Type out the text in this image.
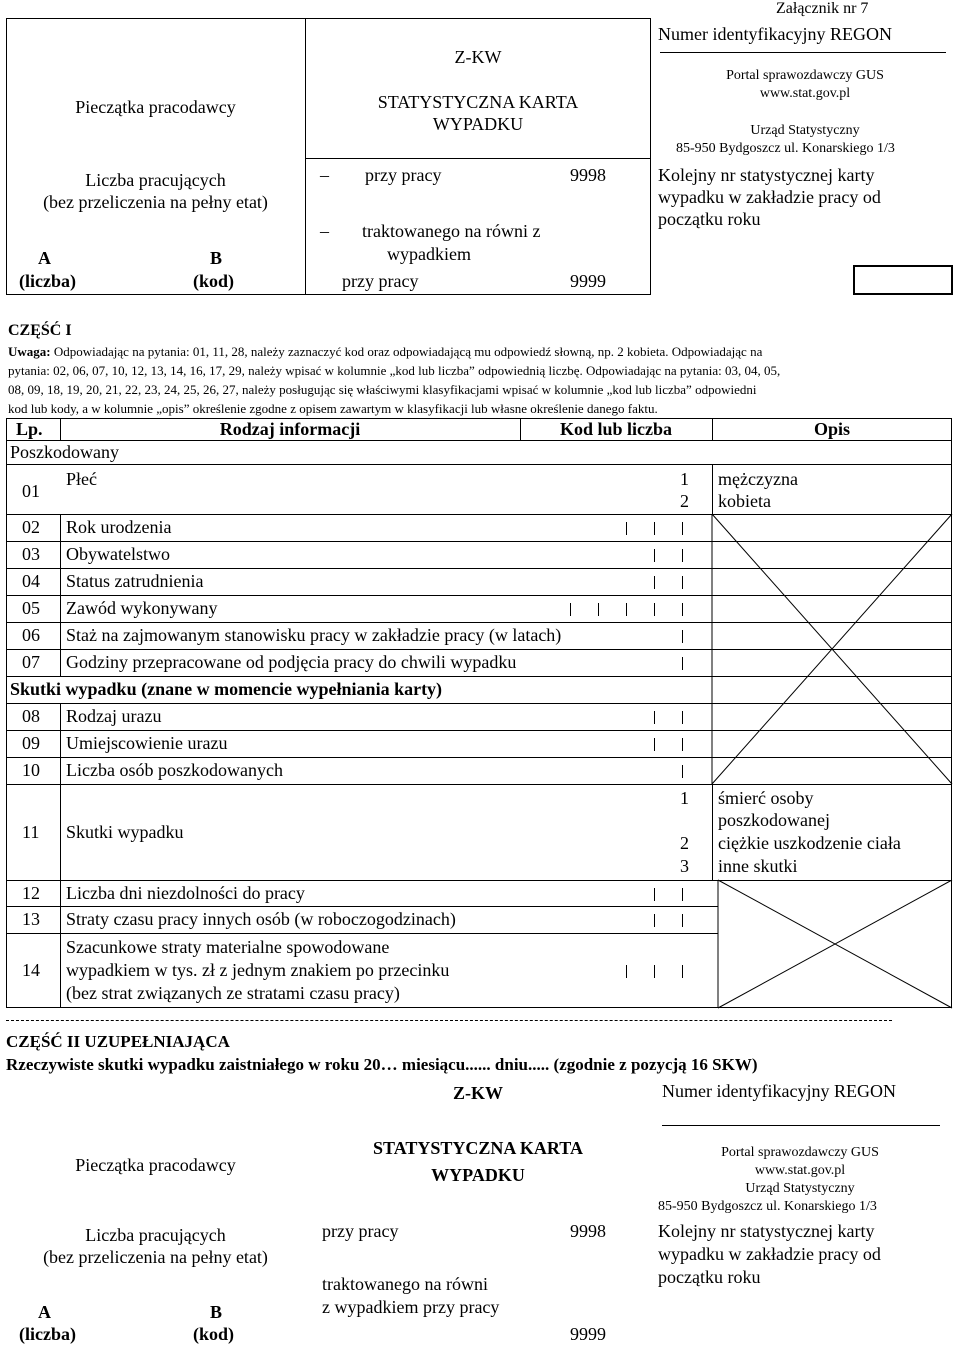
Załącznik nr 7
Numer identyfikacyjny REGON
Pieczątka pracodawcy
Z-KW
STATYSTYCZNA KARTA
WYPADKU
Portal sprawozdawczy GUS
www.stat.gov.pl
Urząd Statystyczny
85-950 Bydgoszcz ul. Konarskiego 1/3
Liczba pracujących
(bez przeliczenia na pełny etat)
– przy pracy	9998
– traktowanego na równi z
wypadkiem
przy pracy	9999
Kolejny nr statystycznej karty
wypadku w zakładzie pracy od
początku roku
A
(liczba)
B
(kod)
CZĘŚĆ I
Uwaga: Odpowiadając na pytania: 01, 11, 28, należy zaznaczyć kod oraz odpowiadającą mu odpowiedź słowną, np. 2 kobieta. Odpowiadając na
pytania: 02, 06, 07, 10, 12, 13, 14, 16, 17, 29, należy wpisać w kolumnie „kod lub liczba” odpowiednią liczbę. Odpowiadając na pytania: 03, 04, 05,
08, 09, 18, 19, 20, 21, 22, 23, 24, 25, 26, 27, należy posługując się właściwymi klasyfikacjami wpisać w kolumnie „kod lub liczba” odpowiedni
kod lub kody, a w kolumnie „opis” określenie zgodne z opisem zawartym w klasyfikacji lub własne określenie danego faktu.
Lp.	Rodzaj informacji	Kod lub liczba	Opis
Poszkodowany
01
Płeć	1 mężczyzna
2 kobieta
02 Rok urodzenia
03 Obywatelstwo
04 Status zatrudnienia
05 Zawód wykonywany
06 Staż na zajmowanym stanowisku pracy w zakładzie pracy (w latach)
07 Godziny przepracowane od podjęcia pracy do chwili wypadku
Skutki wypadku (znane w momencie wypełniania karty)
08 Rodzaj urazu
09 Umiejscowienie urazu
10 Liczba osób poszkodowanych
11 Skutki wypadku
1 śmierć osoby
poszkodowanej
2 ciężkie uszkodzenie ciała
3 inne skutki
12 Liczba dni niezdolności do pracy
13 Straty czasu pracy innych osób (w roboczogodzinach)
14
Szacunkowe straty materialne spowodowane
wypadkiem w tys. zł z jednym znakiem po przecinku
(bez strat związanych ze stratami czasu pracy)
CZĘŚĆ II UZUPEŁNIAJĄCA
Rzeczywiste skutki wypadku zaistniałego w roku 20… miesiącu...... dniu..... (zgodnie z pozycją 16 SKW)
Z-KW	Numer identyfikacyjny REGON
STATYSTYCZNA KARTA
WYPADKU
Pieczątka pracodawcy
Portal sprawozdawczy GUS
www.stat.gov.pl
Urząd Statystyczny
85-950 Bydgoszcz ul. Konarskiego 1/3
Liczba pracujących
(bez przeliczenia na pełny etat)
przy pracy	9998
traktowanego na równi
z wypadkiem przy pracy
9999
Kolejny nr statystycznej karty
wypadku w zakładzie pracy od
początku roku
A
(liczba)
B
(kod)
